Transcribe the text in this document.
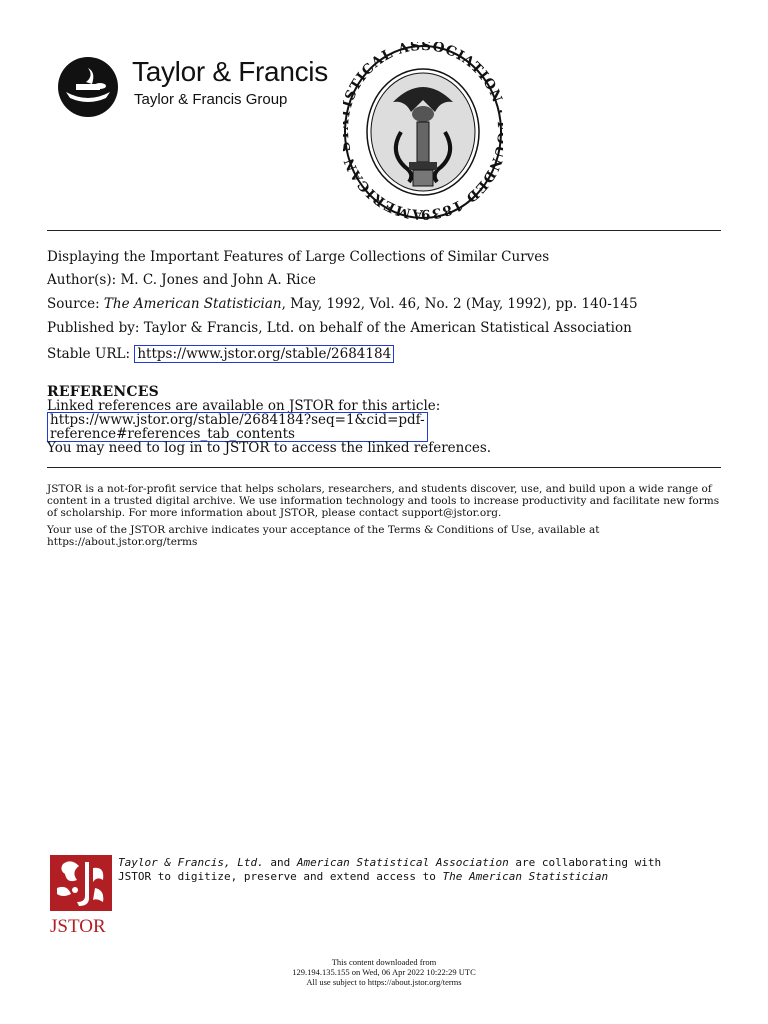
Taylor & Francis
Taylor & Francis Group
AMERICA STICAL ASSOCIATIO NDED 1839
Displaying the Important Features of Large Collections of Similar Curves
Author(s): M. C. Jones and John A. Rice
Source: The American Statistician, May, 1992, Vol. 46, No. 2 (May, 1992), pp. 140-145
Published by: Taylor & Francis, Ltd. on behalf of the American Statistical Association
Stable URL: https://www.jstor.org/stable/2684184
REFERENCES
Linked references are available on JSTOR for this article:
https://www.jstor.org/stable/2684184?seq=1&cid=pdf-
reference#references_tab_contents
You may need to log in to JSTOR to access the linked references.
JSTOR is a not-for-profit service that helps scholars, researchers, and students discover, use, and build upon a wide range of content in a trusted digital archive. We use information technology and tools to increase productivity and facilitate new forms of scholarship. For more information about JSTOR, please contact support@jstor.org.
Your use of the JSTOR archive indicates your acceptance of the Terms & Conditions of Use, available at https://about.jstor.org/terms
JSTOR
Taylor & Francis, Ltd. and American Statistical Association are collaborating with JSTOR to digitize, preserve and extend access to The American Statistician
This content downloaded from
129.194.135.155 on Wed, 06 Apr 2022 10:22:29 UTC
All use subject to https://about.jstor.org/terms
